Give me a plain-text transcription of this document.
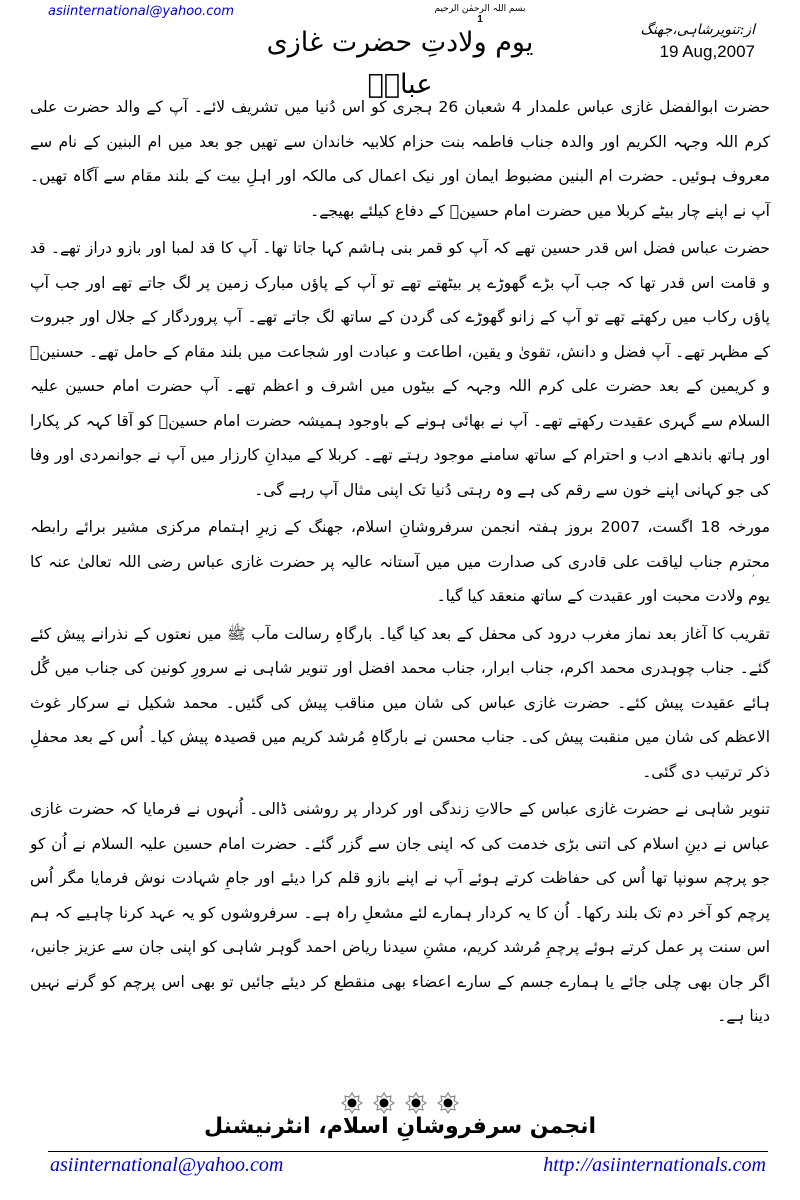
asiinternational@yahoo.com	بسم اللہ الرحمٰن الرحیم
1
از:تنویرشاہی،جھنگ
19 Aug,2007
یوم ولادتِ حضرت غازی عباسؑ

حضرت ابوالفضل غازی عباس علمدار 4 شعبان 26 ہجری کو اس دُنیا میں تشریف لائے۔ آپ کے والد حضرت علی کرم اللہ وجہہ الکریم اور والدہ جناب فاطمہ بنت حزام کلابیہ خاندان سے تھیں جو بعد میں ام البنین کے نام سے معروف ہوئیں۔ حضرت ام البنین مضبوط ایمان اور نیک اعمال کی مالکہ اور اہلِ بیت کے بلند مقام سے آگاہ تھیں۔ آپ نے اپنے چار بیٹے کربلا میں حضرت امام حسینؑ کے دفاع کیلئے بھیجے۔

حضرت عباس فضل اس قدر حسین تھے کہ آپ کو قمر بنی ہاشم کہا جاتا تھا۔ آپ کا قد لمبا اور بازو دراز تھے۔ قد و قامت اس قدر تھا کہ جب آپ بڑے گھوڑے پر بیٹھتے تھے تو آپ کے پاؤں مبارک زمین پر لگ جاتے تھے اور جب آپ پاؤں رکاب میں رکھتے تھے تو آپ کے زانو گھوڑے کی گردن کے ساتھ لگ جاتے تھے۔ آپ پروردگار کے جلال اور جبروت کے مظہر تھے۔ آپ فضل و دانش، تقویٰ و یقین، اطاعت و عبادت اور شجاعت میں بلند مقام کے حامل تھے۔ حسنینؑ و کریمین کے بعد حضرت علی کرم اللہ وجہہ کے بیٹوں میں اشرف و اعظم تھے۔ آپ حضرت امام حسین علیہ السلام سے گہری عقیدت رکھتے تھے۔ آپ نے بھائی ہونے کے باوجود ہمیشہ حضرت امام حسینؑ کو آقا کہہ کر پکارا اور ہاتھ باندھے ادب و احترام کے ساتھ سامنے موجود رہتے تھے۔ کربلا کے میدانِ کارزار میں آپ نے جوانمردی اور وفا کی جو کہانی اپنے خون سے رقم کی ہے وہ رہتی دُنیا تک اپنی مثال آپ رہے گی۔

مورخہ 18 اگست، 2007 بروز ہفتہ انجمن سرفروشانِ اسلام، جھنگ کے زیرِ اہتمام مرکزی مشیر برائے رابطہ محترم جناب لیاقت علی قادری کی صدارت میں میں آستانہ عالیہ پر حضرت غازی عباس رضی اللہ تعالیٰ عنہ کا یوم ولادت محبت اور عقیدت کے ساتھ منعقد کیا گیا۔

تقریب کا آغاز بعد نماز مغرب درود کی محفل کے بعد کیا گیا۔ بارگاہِ رسالت مآب ﷺ میں نعتوں کے نذرانے پیش کئے گئے۔ جناب چوہدری محمد اکرم، جناب ابرار، جناب محمد افضل اور تنویر شاہی نے سرورِ کونین کی جناب میں گُل ہائے عقیدت پیش کئے۔ حضرت غازی عباس کی شان میں مناقب پیش کی گئیں۔ محمد شکیل نے سرکار غوث الاعظم کی شان میں منقبت پیش کی۔ جناب محسن نے بارگاہِ مُرشد کریم میں قصیدہ پیش کیا۔ اُس کے بعد محفلِ ذکر ترتیب دی گئی۔

تنویر شاہی نے حضرت غازی عباس کے حالاتِ زندگی اور کردار پر روشنی ڈالی۔ اُنہوں نے فرمایا کہ حضرت غازی عباس نے دینِ اسلام کی اتنی بڑی خدمت کی کہ اپنی جان سے گزر گئے۔ حضرت امام حسین علیہ السلام نے اُن کو جو پرچم سونپا تھا اُس کی حفاظت کرتے ہوئے آپ نے اپنے بازو قلم کرا دیئے اور جامِ شہادت نوش فرمایا مگر اُس پرچم کو آخر دم تک بلند رکھا۔ اُن کا یہ کردار ہمارے لئے مشعلِ راہ ہے۔ سرفروشوں کو یہ عہد کرنا چاہیے کہ ہم اس سنت پر عمل کرتے ہوئے پرچمِ مُرشد کریم، مشنِ سیدنا ریاض احمد گوہر شاہی کو اپنی جان سے عزیز جانیں، اگر جان بھی چلی جائے یا ہمارے جسم کے سارے اعضاء بھی منقطع کر دیئے جائیں تو بھی اس پرچم کو گرنے نہیں دینا ہے۔

انجمن سرفروشانِ اسلام، انٹرنیشنل
asiinternational@yahoo.com	http://asiinternationals.com
